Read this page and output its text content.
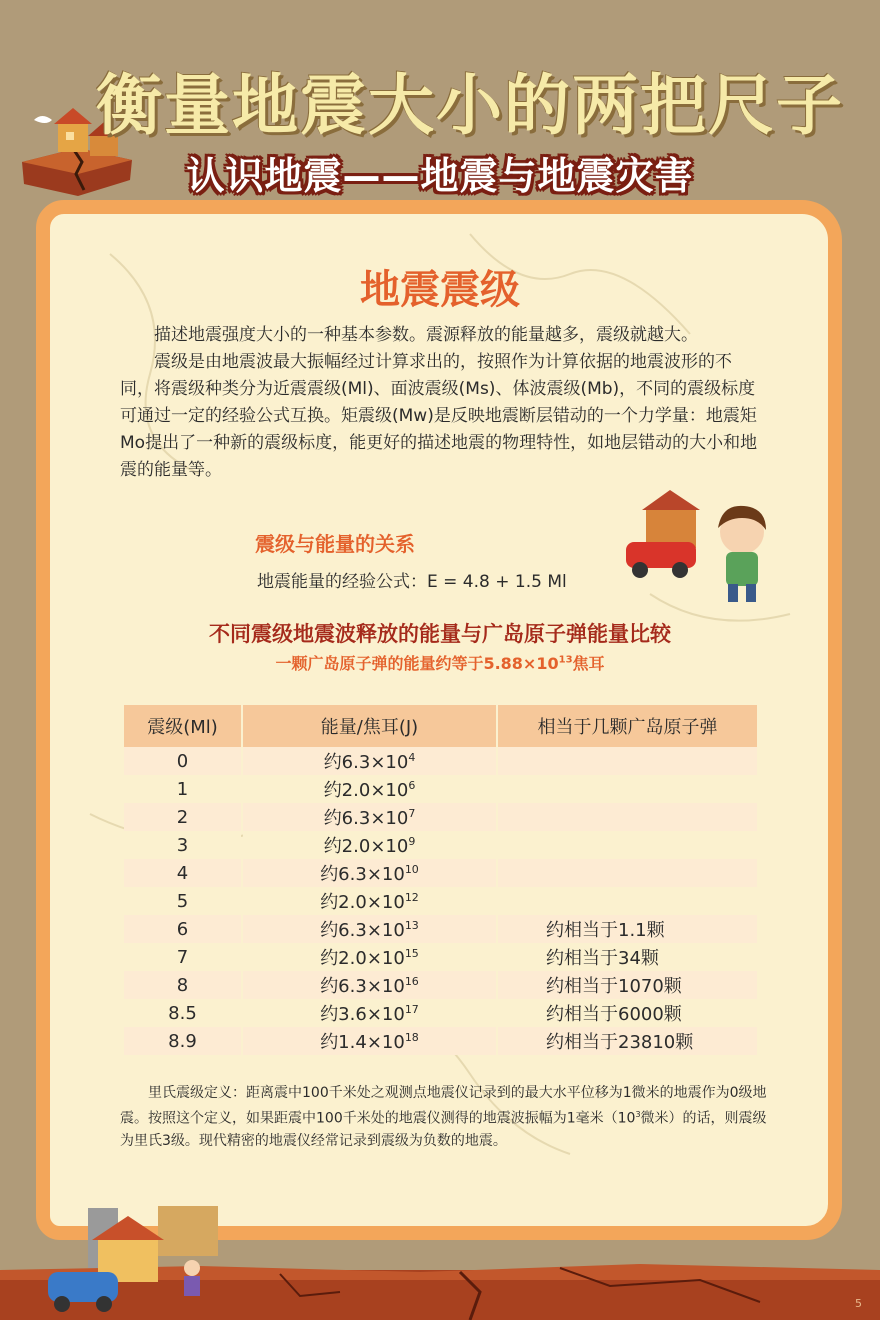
衡量地震大小的两把尺子
认识地震——地震与地震灾害
地震震级

描述地震强度大小的一种基本参数。震源释放的能量越多，震级就越大。

震级是由地震波最大振幅经过计算求出的，按照作为计算依据的地震波形的不同，将震级种类分为近震震级(Ml)、面波震级(Ms)、体波震级(Mb)，不同的震级标度可通过一定的经验公式互换。矩震级(Mw)是反映地震断层错动的一个力学量：地震矩Mo提出了一种新的震级标度，能更好的描述地震的物理特性，如地层错动的大小和地震的能量等。

震级与能量的关系
地震能量的经验公式：E = 4.8 + 1.5 Ml
不同震级地震波释放的能量与广岛原子弹能量比较
一颗广岛原子弹的能量约等于$5.88\times 10^{13}$焦耳
震级(Ml)	能量/焦耳(J)	相当于几颗广岛原子弹
0	约$6.3\times 10^4$	
1	约$2.0\times 10^6$	
2	约$6.3\times 10^7$	
3	约$2.0\times 10^9$	
4	约$6.3\times 10^{10}$	
5	约$2.0\times 10^{12}$	
6	约$6.3\times 10^{13}$	约相当于1.1颗
7	约$2.0\times 10^{15}$	约相当于34颗
8	约$6.3\times 10^{16}$	约相当于1070颗
8.5	约$3.6\times 10^{17}$	约相当于6000颗
8.9	约$1.4\times 10^{18}$	约相当于23810颗

里氏震级定义：距离震中100千米处之观测点地震仪记录到的最大水平位移为1微米的地震作为0级地震。按照这个定义，如果距震中100千米处的地震仪测得的地震波振幅为1毫米（$10^3$微米）的话，则震级为里氏3级。现代精密的地震仪经常记录到震级为负数的地震。

5
